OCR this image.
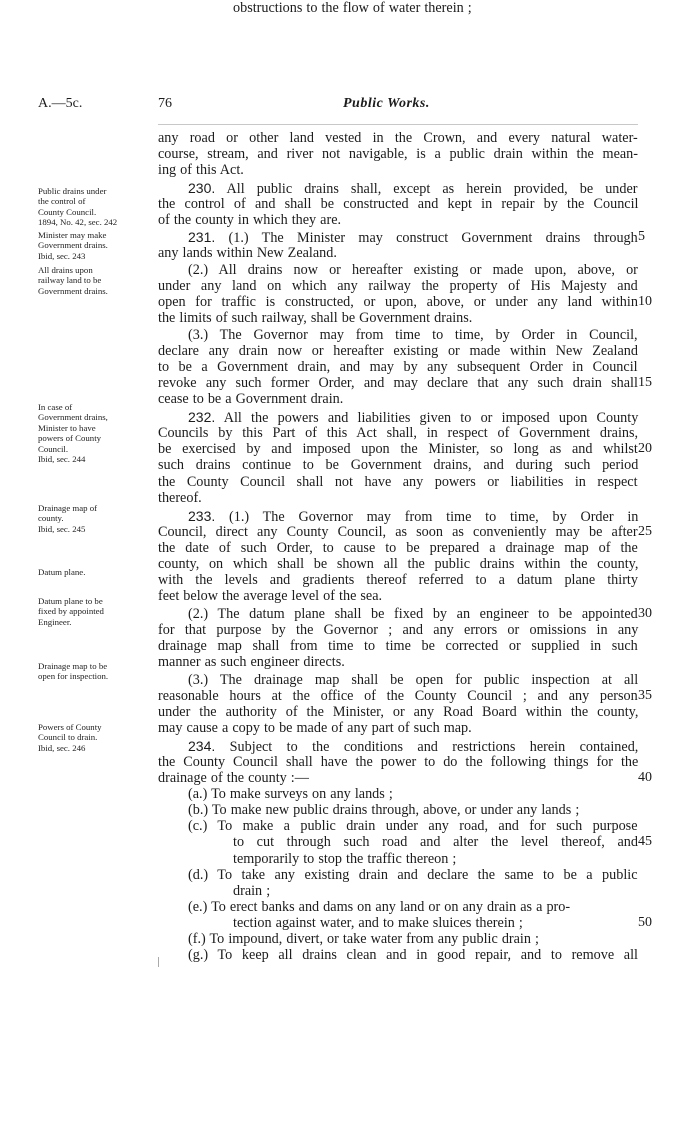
A.—5c.	76	Public Works.
Public drains under
the control of
County Council.
1894, No. 42, sec. 242
Minister may make
Government drains.
Ibid, sec. 243
All drains upon
railway land to be
Government drains.
In case of
Government drains,
Minister to have
powers of County
Council.
Ibid, sec. 244
Drainage map of
county.
Ibid, sec. 245
Datum plane.
Datum plane to be
fixed by appointed
Engineer.
Drainage map to be
open for inspection.
Powers of County
Council to drain.
Ibid, sec. 246
any road or other land vested in the Crown, and every natural water-
course, stream, and river not navigable, is a public drain within the mean-
ing of this Act.
230. All public drains shall, except as herein provided, be under
the control of and shall be constructed and kept in repair by the Council
of the county in which they are.
231. (1.) The Minister may construct Government drains through
any lands within New Zealand.
(2.) All drains now or hereafter existing or made upon, above, or
under any land on which any railway the property of His Majesty and
open for traffic is constructed, or upon, above, or under any land within
the limits of such railway, shall be Government drains.
(3.) The Governor may from time to time, by Order in Council,
declare any drain now or hereafter existing or made within New Zealand
to be a Government drain, and may by any subsequent Order in Council
revoke any such former Order, and may declare that any such drain shall
cease to be a Government drain.
232. All the powers and liabilities given to or imposed upon County
Councils by this Part of this Act shall, in respect of Government drains,
be exercised by and imposed upon the Minister, so long as and whilst
such drains continue to be Government drains, and during such period
the County Council shall not have any powers or liabilities in respect
thereof.
233. (1.) The Governor may from time to time, by Order in
Council, direct any County Council, as soon as conveniently may be after
the date of such Order, to cause to be prepared a drainage map of the
county, on which shall be shown all the public drains within the county,
with the levels and gradients thereof referred to a datum plane thirty
feet below the average level of the sea.
(2.) The datum plane shall be fixed by an engineer to be appointed
for that purpose by the Governor ; and any errors or omissions in any
drainage map shall from time to time be corrected or supplied in such
manner as such engineer directs.
(3.) The drainage map shall be open for public inspection at all
reasonable hours at the office of the County Council ; and any person
under the authority of the Minister, or any Road Board within the county,
may cause a copy to be made of any part of such map.
234. Subject to the conditions and restrictions herein contained,
the County Council shall have the power to do the following things for the
drainage of the county :—
(a.) To make surveys on any lands ;
(b.) To make new public drains through, above, or under any lands ;
(c.) To make a public drain under any road, and for such purpose
to cut through such road and alter the level thereof, and
temporarily to stop the traffic thereon ;
(d.) To take any existing drain and declare the same to be a public
drain ;
(e.) To erect banks and dams on any land or on any drain as a pro-
tection against water, and to make sluices therein ;
(f.) To impound, divert, or take water from any public drain ;
(g.) To keep all drains clean and in good repair, and to remove all
obstructions to the flow of water therein ;
5
10
15
20
25
30
35
40
45
50
